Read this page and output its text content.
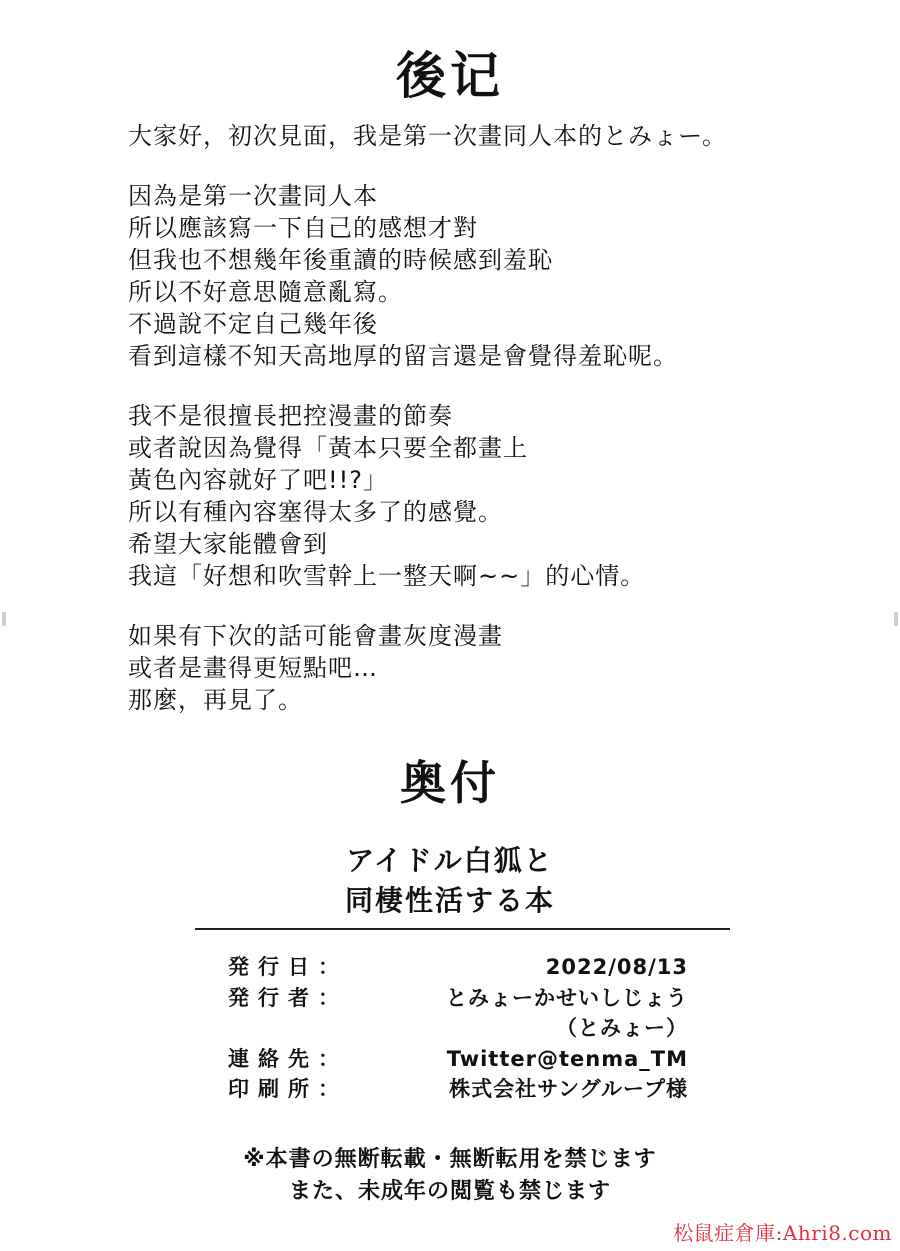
後记
大家好，初次見面，我是第一次畫同人本的とみょー。
因為是第一次畫同人本
所以應該寫一下自己的感想才對
但我也不想幾年後重讀的時候感到羞恥
所以不好意思隨意亂寫。
不過說不定自己幾年後
看到這樣不知天高地厚的留言還是會覺得羞恥呢。
我不是很擅長把控漫畫的節奏
或者說因為覺得「黃本只要全都畫上
黃色內容就好了吧!!?」
所以有種內容塞得太多了的感覺。
希望大家能體會到
我這「好想和吹雪幹上一整天啊~~」的心情。
如果有下次的話可能會畫灰度漫畫
或者是畫得更短點吧…
那麼，再見了。
奥付
アイドル白狐と
同棲性活する本
発行日：	2022/08/13
発行者：	とみょーかせいしじょう
（とみょー）
連絡先：	Twitter@tenma_TM
印刷所：	株式会社サングループ様
※本書の無断転載・無断転用を禁じます
また、未成年の閲覧も禁じます
松鼠症倉庫:Ahri8.com
